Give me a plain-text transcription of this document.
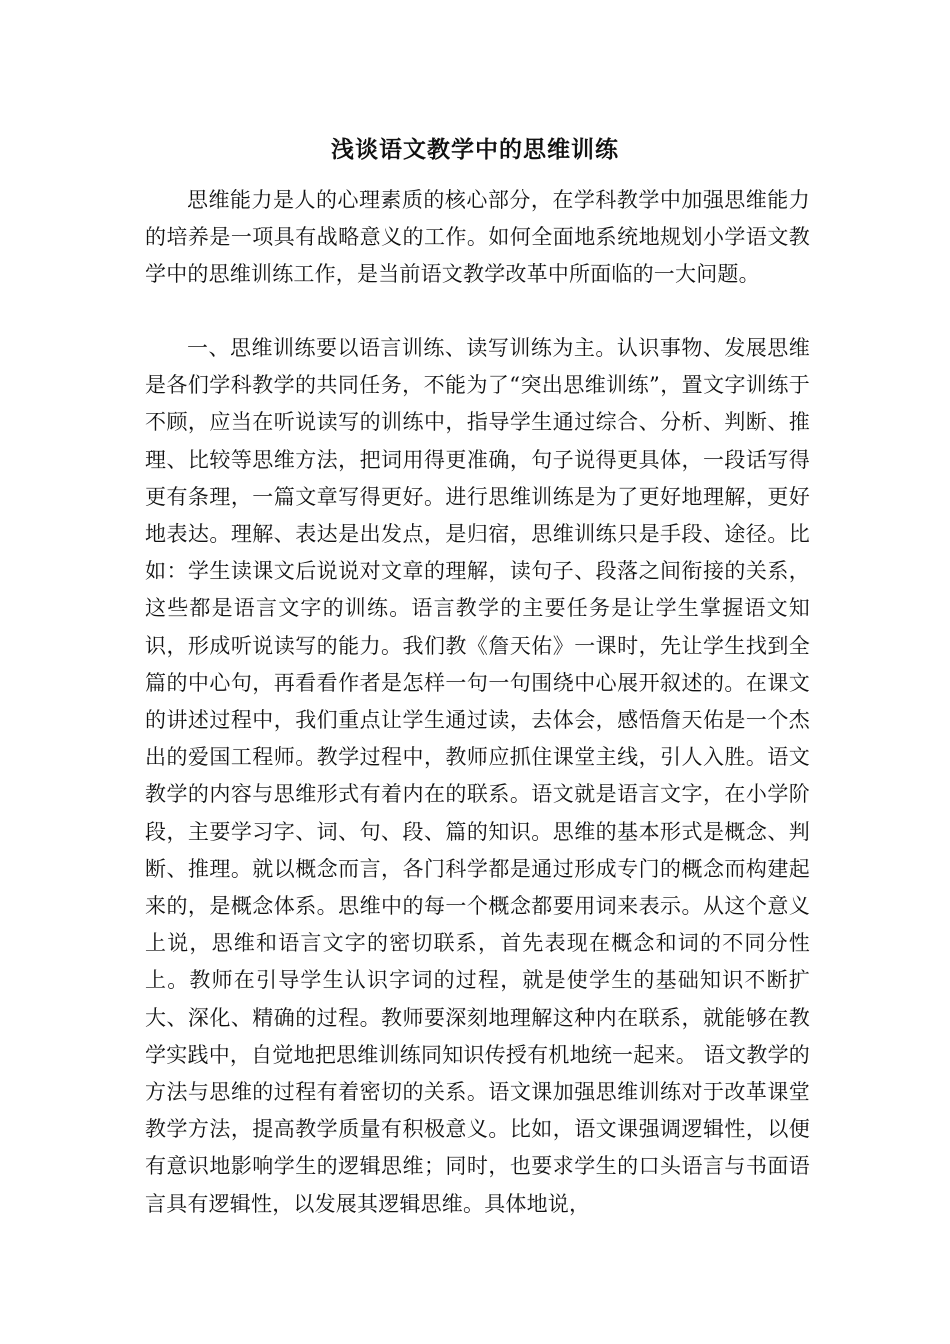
浅谈语文教学中的思维训练

思维能力是人的心理素质的核心部分，在学科教学中加强思维能力的培养是一项具有战略意义的工作。如何全面地系统地规划小学语文教学中的思维训练工作，是当前语文教学改革中所面临的一大问题。

一、思维训练要以语言训练、读写训练为主。认识事物、发展思维是各们学科教学的共同任务，不能为了“突出思维训练”，置文字训练于不顾，应当在听说读写的训练中，指导学生通过综合、分析、判断、推理、比较等思维方法，把词用得更准确，句子说得更具体，一段话写得更有条理，一篇文章写得更好。进行思维训练是为了更好地理解，更好地表达。理解、表达是出发点，是归宿，思维训练只是手段、途径。比如：学生读课文后说说对文章的理解，读句子、段落之间衔接的关系，这些都是语言文字的训练。语言教学的主要任务是让学生掌握语文知识，形成听说读写的能力。我们教《詹天佑》一课时，先让学生找到全篇的中心句，再看看作者是怎样一句一句围绕中心展开叙述的。在课文的讲述过程中，我们重点让学生通过读，去体会，感悟詹天佑是一个杰出的爱国工程师。教学过程中，教师应抓住课堂主线，引人入胜。语文教学的内容与思维形式有着内在的联系。语文就是语言文字，在小学阶段，主要学习字、词、句、段、篇的知识。思维的基本形式是概念、判断、推理。就以概念而言，各门科学都是通过形成专门的概念而构建起来的，是概念体系。思维中的每一个概念都要用词来表示。从这个意义上说，思维和语言文字的密切联系，首先表现在概念和词的不同分性上。教师在引导学生认识字词的过程，就是使学生的基础知识不断扩大、深化、精确的过程。教师要深刻地理解这种内在联系，就能够在教学实践中，自觉地把思维训练同知识传授有机地统一起来。 语文教学的方法与思维的过程有着密切的关系。语文课加强思维训练对于改革课堂教学方法，提高教学质量有积极意义。比如，语文课强调逻辑性，以便有意识地影响学生的逻辑思维；同时，也要求学生的口头语言与书面语言具有逻辑性，以发展其逻辑思维。具体地说，
